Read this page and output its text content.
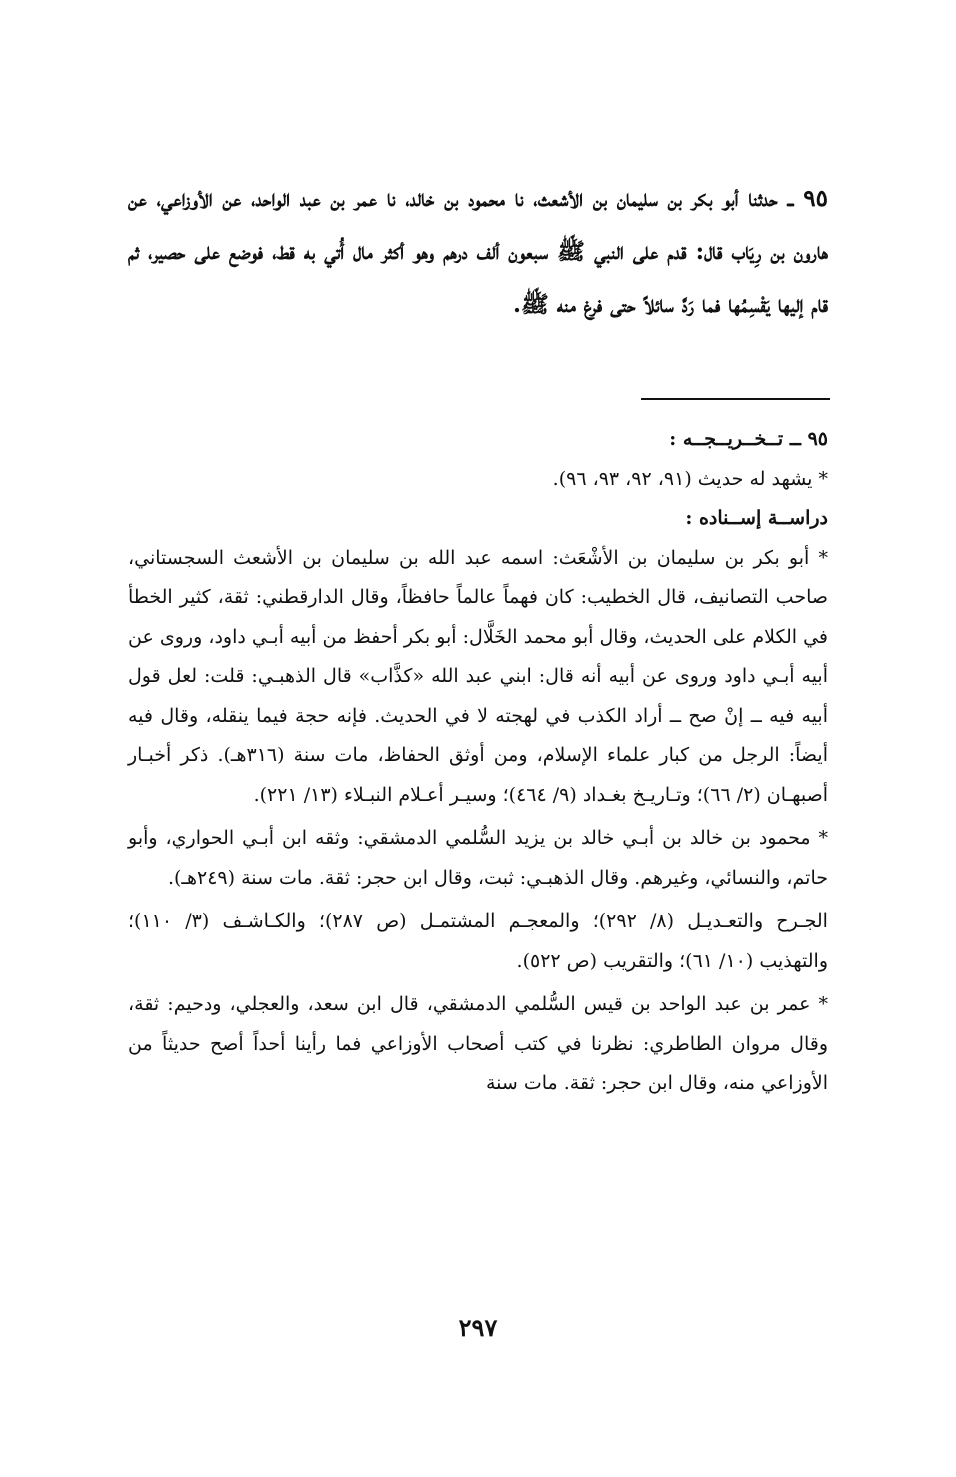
٩٥ ــ حدثنا أبو بكر بن سليمان بن الأشعث، نا محمود بن خالد، نا عمر بن عبد الواحد، عن الأوزاعي، عن هارون بن رِيَاب قال: قدم على النبي ﷺ سبعون ألف درهم وهو أكثر مال أُتي به قط، فوضع على حصير، ثم قام إليها يَقْسِمُها فما رَدَّ سائلاً حتى فرغ منه ﷺ.

٩٥ ــ تــخــريــجــه :

* يشهد له حديث (٩١، ٩٢، ٩٣، ٩٦).

دراســة إســناده :

* أبو بكر بن سليمان بن الأشْعَث: اسمه عبد الله بن سليمان بن الأشعث السجستاني، صاحب التصانيف، قال الخطيب: كان فهماً عالماً حافظاً، وقال الدارقطني: ثقة، كثير الخطأ في الكلام على الحديث، وقال أبو محمد الخَلَّال: أبو بكر أحفظ من أبيه أبـي داود، وروى عن أبيه أبـي داود وروى عن أبيه أنه قال: ابني عبد الله «كذَّاب» قال الذهبـي: قلت: لعل قول أبيه فيه ــ إنْ صح ــ أراد الكذب في لهجته لا في الحديث. فإنه حجة فيما ينقله، وقال فيه أيضاً: الرجل من كبار علماء الإسلام، ومن أوثق الحفاظ، مات سنة (٣١٦هـ). ذكر أخبـار أصبهـان (٢/ ٦٦)؛ وتـاريـخ بغـداد (٩/ ٤٦٤)؛ وسيـر أعـلام النبـلاء (١٣/ ٢٢١).

* محمود بن خالد بن أبـي خالد بن يزيد السُّلمي الدمشقي: وثقه ابن أبـي الحواري، وأبو حاتم، والنسائي، وغيرهم. وقال الذهبـي: ثبت، وقال ابن حجر: ثقة. مات سنة (٢٤٩هـ).

الجـرح والتعـديـل (٨/ ٢٩٢)؛ والمعجـم المشتمـل (ص ٢٨٧)؛ والكـاشـف (٣/ ١١٠)؛ والتهذيب (١٠/ ٦١)؛ والتقريب (ص ٥٢٢).

* عمر بن عبد الواحد بن قيس السُّلمي الدمشقي، قال ابن سعد، والعجلي، ودحيم: ثقة، وقال مروان الطاطري: نظرنا في كتب أصحاب الأوزاعي فما رأينا أحداً أصح حديثاً من الأوزاعي منه، وقال ابن حجر: ثقة. مات سنة

٢٩٧
